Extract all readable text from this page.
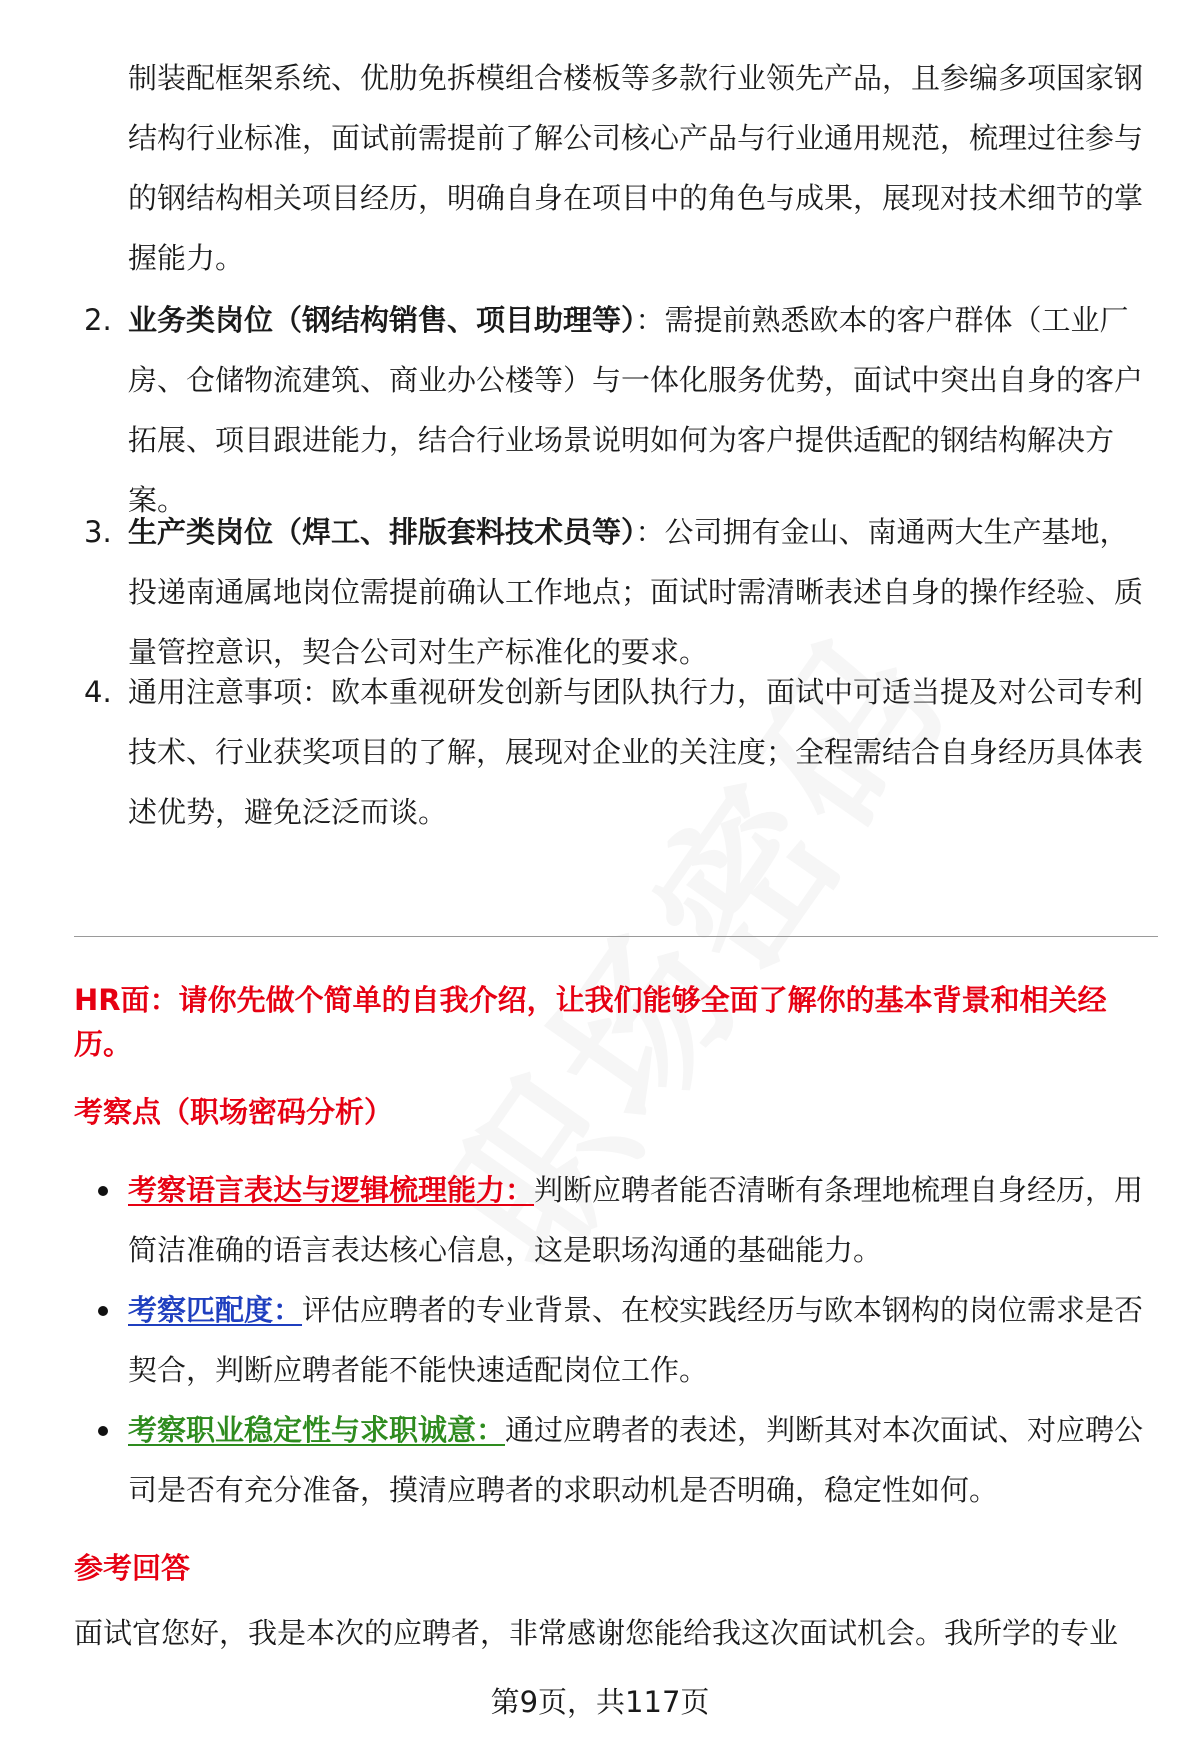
制装配框架系统、优肋免拆模组合楼板等多款行业领先产品，且参编多项国家钢结构行业标准，面试前需提前了解公司核心产品与行业通用规范，梳理过往参与的钢结构相关项目经历，明确自身在项目中的角色与成果，展现对技术细节的掌握能力。

2. 业务类岗位（钢结构销售、项目助理等）：需提前熟悉欧本的客户群体（工业厂房、仓储物流建筑、商业办公楼等）与一体化服务优势，面试中突出自身的客户拓展、项目跟进能力，结合行业场景说明如何为客户提供适配的钢结构解决方案。
3. 生产类岗位（焊工、排版套料技术员等）：公司拥有金山、南通两大生产基地，投递南通属地岗位需提前确认工作地点；面试时需清晰表述自身的操作经验、质量管控意识，契合公司对生产标准化的要求。
4. 通用注意事项：欧本重视研发创新与团队执行力，面试中可适当提及对公司专利技术、行业获奖项目的了解，展现对企业的关注度；全程需结合自身经历具体表述优势，避免泛泛而谈。
HR面：请你先做个简单的自我介绍，让我们能够全面了解你的基本背景和相关经历。
考察点（职场密码分析）
考察语言表达与逻辑梳理能力：判断应聘者能否清晰有条理地梳理自身经历，用简洁准确的语言表达核心信息，这是职场沟通的基础能力。
考察匹配度：评估应聘者的专业背景、在校实践经历与欧本钢构的岗位需求是否契合，判断应聘者能不能快速适配岗位工作。
考察职业稳定性与求职诚意：通过应聘者的表述，判断其对本次面试、对应聘公司是否有充分准备，摸清应聘者的求职动机是否明确，稳定性如何。
参考回答
面试官您好，我是本次的应聘者，非常感谢您能给我这次面试机会。我所学的专业
第9页，共117页
